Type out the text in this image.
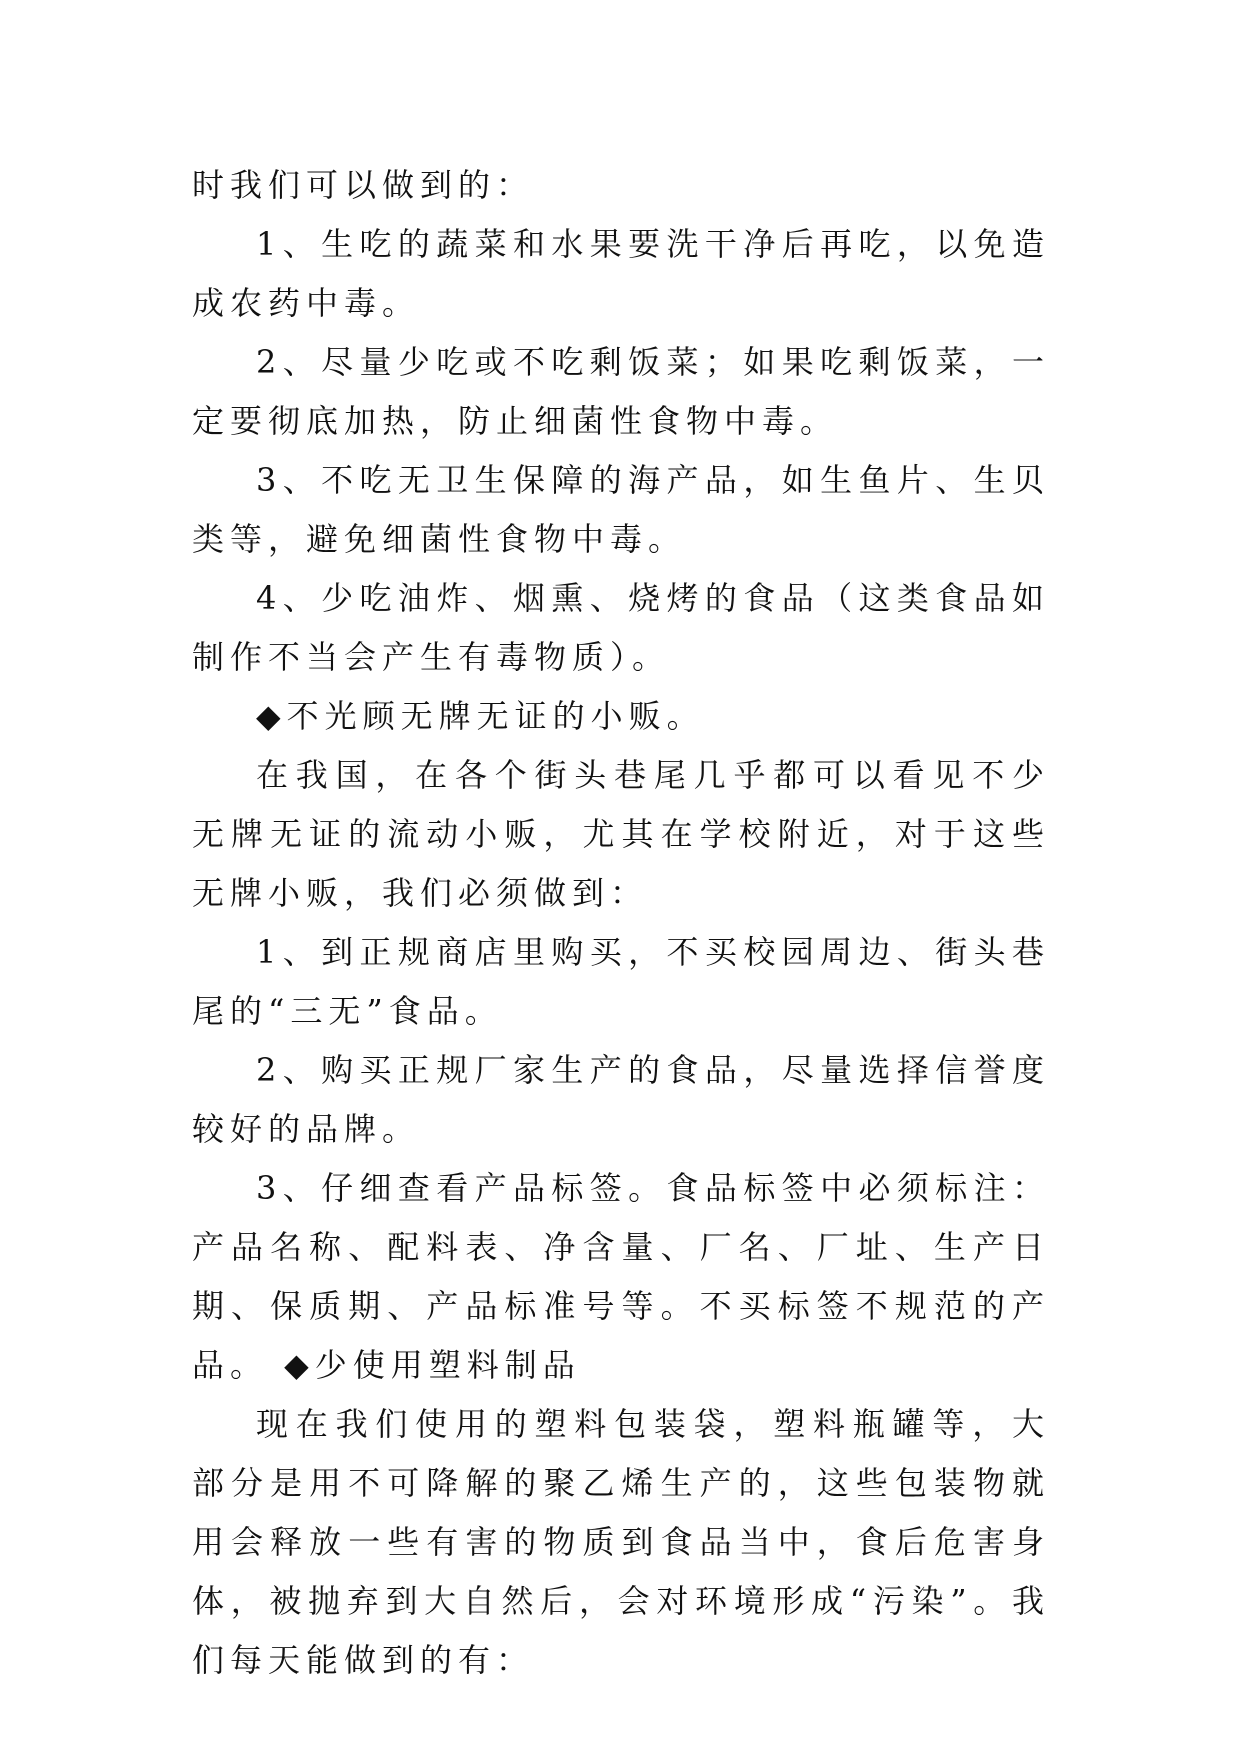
时我们可以做到的：

1、生吃的蔬菜和水果要洗干净后再吃，以免造成农药中毒。

2、尽量少吃或不吃剩饭菜；如果吃剩饭菜，一定要彻底加热，防止细菌性食物中毒。

3、不吃无卫生保障的海产品，如生鱼片、生贝类等，避免细菌性食物中毒。

4、少吃油炸、烟熏、烧烤的食品（这类食品如制作不当会产生有毒物质）。

◆不光顾无牌无证的小贩。

在我国，在各个街头巷尾几乎都可以看见不少无牌无证的流动小贩，尤其在学校附近，对于这些无牌小贩，我们必须做到：

1、到正规商店里购买，不买校园周边、街头巷尾的“三无”食品。

2、购买正规厂家生产的食品，尽量选择信誉度较好的品牌。

3、仔细查看产品标签。食品标签中必须标注：产品名称、配料表、净含量、厂名、厂址、生产日期、保质期、产品标准号等。不买标签不规范的产品。 ◆少使用塑料制品

现在我们使用的塑料包装袋，塑料瓶罐等，大部分是用不可降解的聚乙烯生产的，这些包装物就用会释放一些有害的物质到食品当中，食后危害身体，被抛弃到大自然后，会对环境形成“污染”。我们每天能做到的有：
